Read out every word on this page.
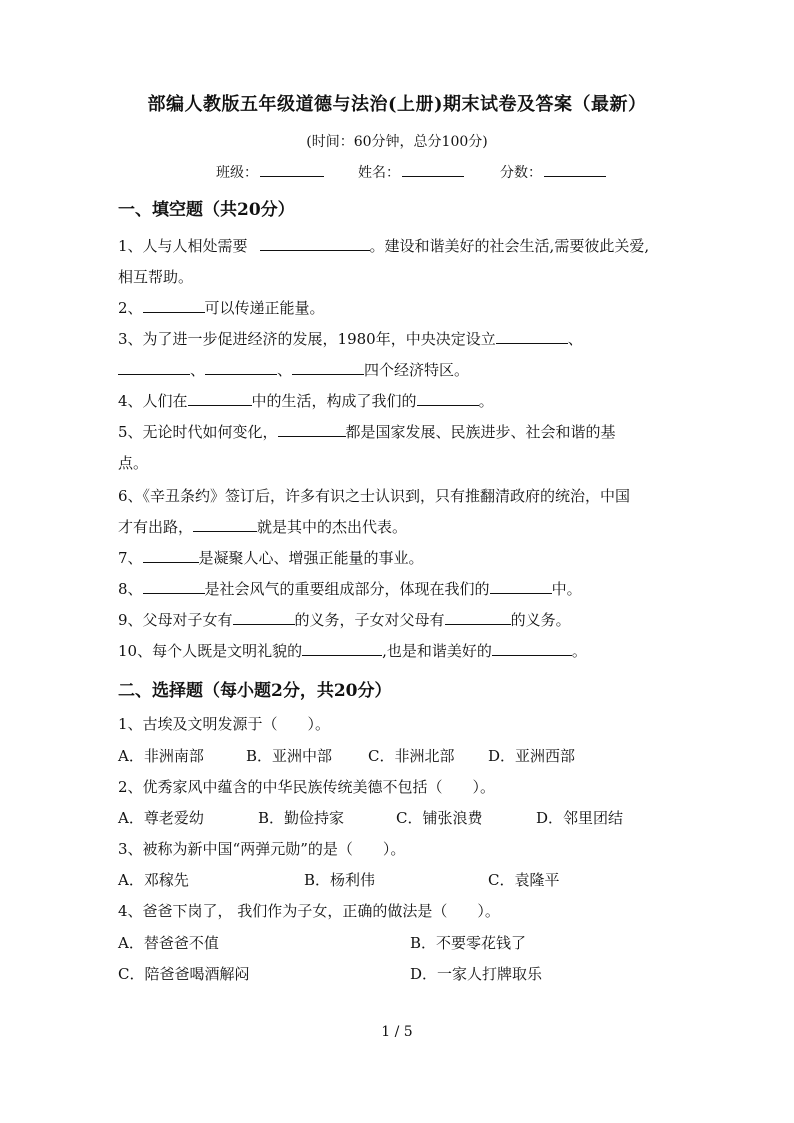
部编人教版五年级道德与法治(上册)期末试卷及答案（最新）
(时间：60分钟，总分100分)
班级：	姓名：	分数：
一、填空题（共20分）
1、人与人相处需要	。建设和谐美好的社会生活,需要彼此关爱,
相互帮助。
2、	可以传递正能量。
3、为了进一步促进经济的发展，1980年，中央决定设立	、
、	、	四个经济特区。
4、人们在	中的生活，构成了我们的	。
5、无论时代如何变化，	都是国家发展、民族进步、社会和谐的基
点。
6、《辛丑条约》签订后，许多有识之士认识到，只有推翻清政府的统治，中国
才有出路，	就是其中的杰出代表。
7、	是凝聚人心、增强正能量的事业。
8、	是社会风气的重要组成部分，体现在我们的	中。
9、父母对子女有	的义务，子女对父母有	的义务。
10、每个人既是文明礼貌的	,也是和谐美好的	。
二、选择题（每小题2分，共20分）
1、古埃及文明发源于（　　）。
A．非洲南部	B．亚洲中部 C．非洲北部 D．亚洲西部
2、优秀家风中蕴含的中华民族传统美德不包括（　　）。
A．尊老爱幼	B．勤俭持家	C．铺张浪费	D．邻里团结
3、被称为新中国“两弹元勋”的是（　　）。
A．邓稼先	B．杨利伟	C．袁隆平
4、爸爸下岗了， 我们作为子女，正确的做法是（　　）。
A．替爸爸不值	B．不要零花钱了
C．陪爸爸喝酒解闷	D．一家人打牌取乐
1 / 5
